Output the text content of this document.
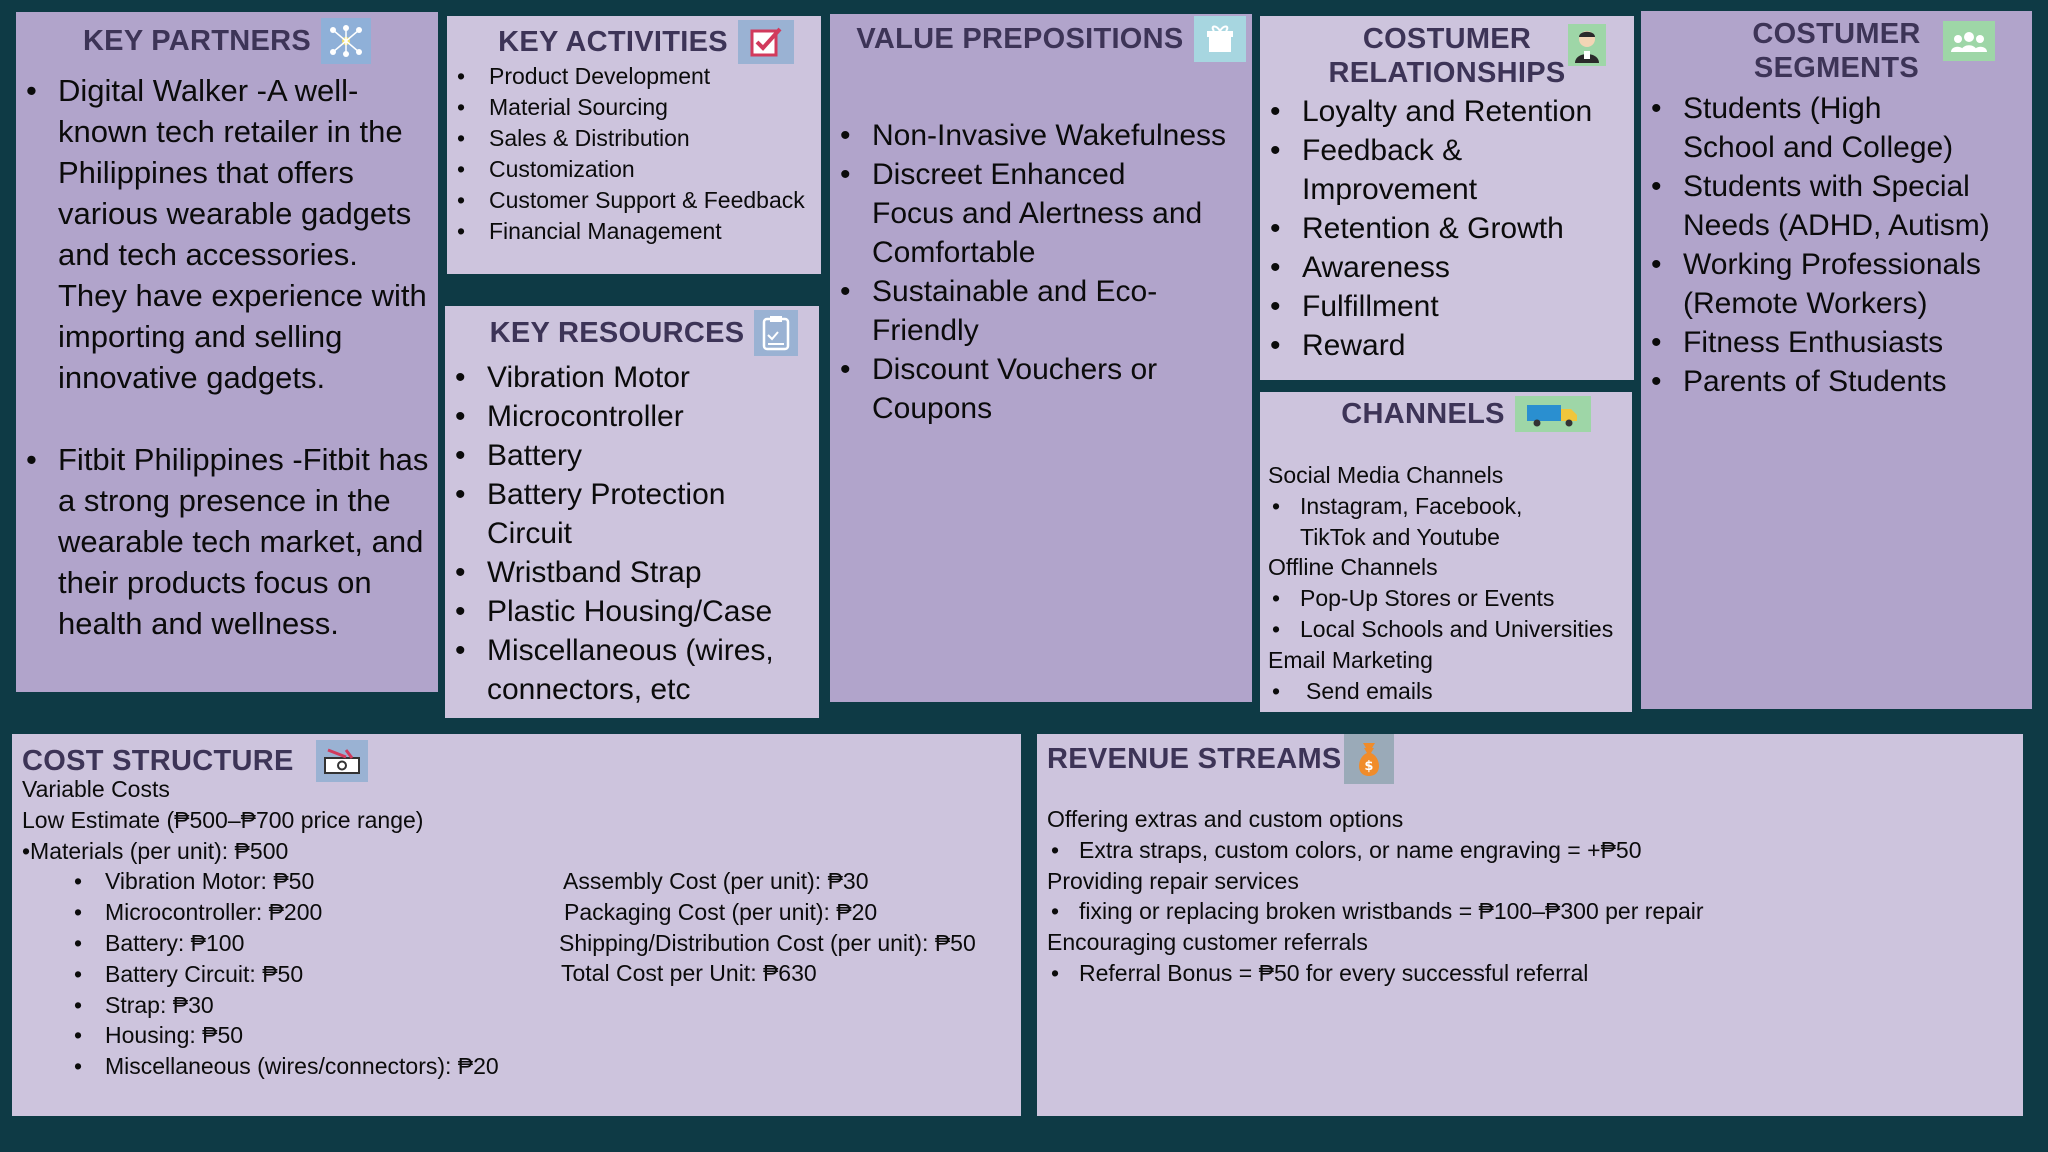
KEY PARTNERS
• Digital Walker -A well-known tech retailer in the Philippines that offers various wearable gadgets and tech accessories. They have experience with importing and selling innovative gadgets.
• Fitbit Philippines -Fitbit has a strong presence in the wearable tech market, and their products focus on health and wellness.
KEY ACTIVITIES
• Product Development
• Material Sourcing
• Sales & Distribution
• Customization
• Customer Support & Feedback
• Financial Management
KEY RESOURCES
• Vibration Motor
• Microcontroller
• Battery
• Battery Protection Circuit
• Wristband Strap
• Plastic Housing/Case
• Miscellaneous (wires, connectors, etc
VALUE PREPOSITIONS
• Non-Invasive Wakefulness
• Discreet Enhanced Focus and Alertness and Comfortable
• Sustainable and Eco-Friendly
• Discount Vouchers or Coupons
COSTUMER
RELATIONSHIPS
• Loyalty and Retention
• Feedback & Improvement
• Retention & Growth
• Awareness
• Fulfillment
• Reward
CHANNELS
Social Media Channels
• Instagram, Facebook, TikTok and Youtube
Offline Channels
• Pop-Up Stores or Events
• Local Schools and Universities
Email Marketing
• Send emails
COSTUMER
SEGMENTS
• Students (High School and College)
• Students with Special Needs (ADHD, Autism)
• Working Professionals (Remote Workers)
• Fitness Enthusiasts
• Parents of Students
COST STRUCTURE
Variable Costs
Low Estimate (₱500–₱700 price range)
•Materials (per unit): ₱500
• Vibration Motor: ₱50
• Microcontroller: ₱200
• Battery: ₱100
• Battery Circuit: ₱50
• Strap: ₱30
• Housing: ₱50
• Miscellaneous (wires/connectors): ₱20
Assembly Cost (per unit): ₱30
Packaging Cost (per unit): ₱20
Shipping/Distribution Cost (per unit): ₱50
Total Cost per Unit: ₱630
REVENUE STREAMS $
Offering extras and custom options
• Extra straps, custom colors, or name engraving = +₱50
Providing repair services
• fixing or replacing broken wristbands = ₱100–₱300 per repair
Encouraging customer referrals
• Referral Bonus = ₱50 for every successful referral
